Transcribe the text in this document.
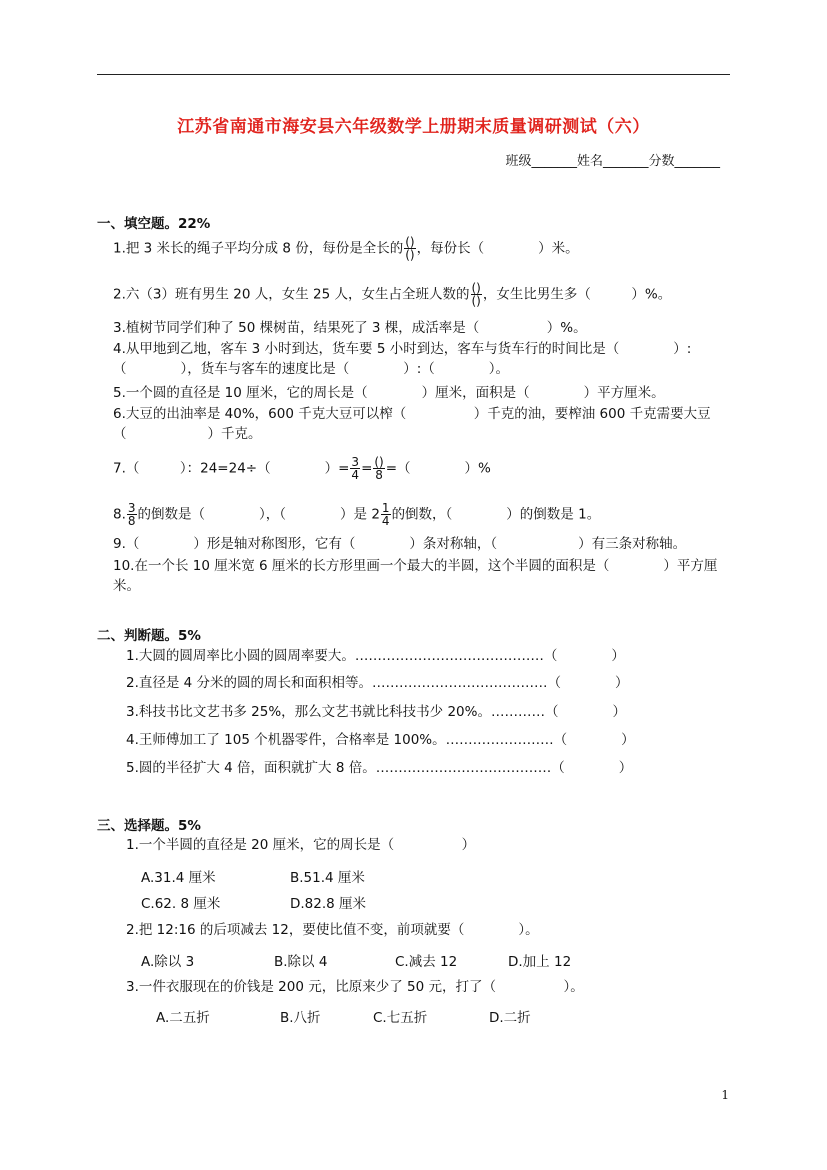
江苏省南通市海安县六年级数学上册期末质量调研测试（六）
班级_______姓名_______分数_______
一、填空题。22%
1.把 3 米长的绳子平均分成 8 份，每份是全长的 $\frac{()}{()}$ ，每份长（　　　　）米。
2.六（3）班有男生 20 人，女生 25 人，女生占全班人数的 $\frac{()}{()}$ ，女生比男生多（　　　）%。
3.植树节同学们种了 50 棵树苗，结果死了 3 棵，成活率是（　　　　　）%。
4.从甲地到乙地，客车 3 小时到达，货车要 5 小时到达，客车与货车行的时间比是（　　　　）:（　　　　），货车与客车的速度比是（　　　　）:（　　　　）。
5.一个圆的直径是 10 厘米，它的周长是（　　　　）厘米，面积是（　　　　）平方厘米。
6.大豆的出油率是 40%，600 千克大豆可以榨（　　　　　）千克的油，要榨油 600 千克需要大豆（　　　　　　）千克。
7.（　　　）：24=24÷（　　　　）= $\frac{3}{4} = \frac{()}{8}$ =（　　　　）%
8. $\frac{3}{8}$ 的倒数是（　　　　），（　　　　）是 $2 \frac{1}{4}$ 的倒数，（　　　　）的倒数是 1。
9.（　　　　）形是轴对称图形，它有（　　　　）条对称轴，（　　　　　　）有三条对称轴。
10.在一个长 10 厘米宽 6 厘米的长方形里画一个最大的半圆，这个半圆的面积是（　　　　）平方厘米。
二、判断题。5%
1.大圆的圆周率比小圆的圆周率要大。……………………………………（　　　　）
2.直径是 4 分米的圆的周长和面积相等。…………………………………（　　　　）
3.科技书比文艺书多 25%，那么文艺书就比科技书少 20%。…………（　　　　）
4.王师傅加工了 105 个机器零件，合格率是 100%。……………………（　　　　）
5.圆的半径扩大 4 倍，面积就扩大 8 倍。…………………………………（　　　　）
三、选择题。5%
1.一个半圆的直径是 20 厘米，它的周长是（　　　　　）
A.31.4 厘米	B.51.4 厘米
C.62. 8 厘米	D.82.8 厘米
2.把 12:16 的后项减去 12，要使比值不变，前项就要（　　　　）。
A.除以 3	B.除以 4	C.减去 12	D.加上 12
3.一件衣服现在的价钱是 200 元，比原来少了 50 元，打了（　　　　　）。
A.二五折	B.八折	C.七五折	D.二折
1
